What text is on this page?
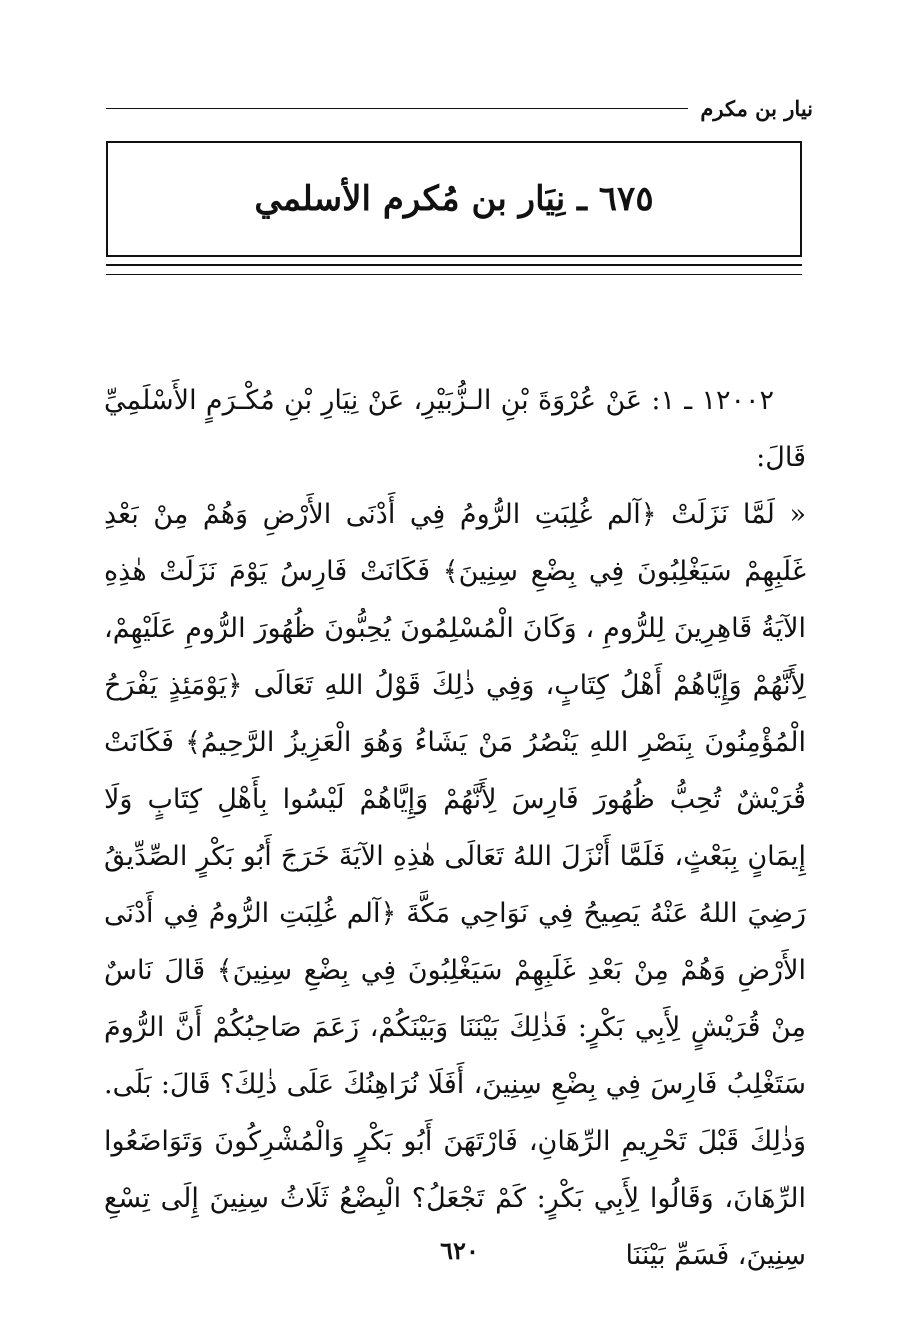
نيار بن مكرم
٦٧٥ ـ نِيَار بن مُكرم الأسلمي

١٢٠٠٢ ـ ١: عَنْ عُرْوَةَ بْنِ الـزُّبَيْرِ، عَنْ نِيَارِ بْنِ مُكْـرَمٍ الأَسْلَمِيِّ قَالَ:

« لَمَّا نَزَلَتْ ﴿آلم غُلِبَتِ الرُّومُ فِي أَدْنَى الأَرْضِ وَهُمْ مِنْ بَعْدِ غَلَبِهِمْ سَيَغْلِبُونَ فِي بِضْعِ سِنِينَ﴾ فَكَانَتْ فَارِسُ يَوْمَ نَزَلَتْ هٰذِهِ الآيَةُ قَاهِرِينَ لِلرُّومِ ، وَكَانَ الْمُسْلِمُونَ يُحِبُّونَ ظُهُورَ الرُّومِ عَلَيْهِمْ، لِأَنَّهُمْ وَإِيَّاهُمْ أَهْلُ كِتَابٍ، وَفِي ذٰلِكَ قَوْلُ اللهِ تَعَالَى ﴿يَوْمَئِذٍ يَفْرَحُ الْمُؤْمِنُونَ بِنَصْرِ اللهِ يَنْصُرُ مَنْ يَشَاءُ وَهُوَ الْعَزِيزُ الرَّحِيمُ﴾ فَكَانَتْ قُرَيْشٌ تُحِبُّ ظُهُورَ فَارِسَ لِأَنَّهُمْ وَإِيَّاهُمْ لَيْسُوا بِأَهْلِ كِتَابٍ وَلَا إِيمَانٍ بِبَعْثٍ، فَلَمَّا أَنْزَلَ اللهُ تَعَالَى هٰذِهِ الآيَةَ خَرَجَ أَبُو بَكْرٍ الصِّدِّيقُ رَضِيَ اللهُ عَنْهُ يَصِيحُ فِي نَوَاحِي مَكَّةَ ﴿آلم غُلِبَتِ الرُّومُ فِي أَدْنَى الأَرْضِ وَهُمْ مِنْ بَعْدِ غَلَبِهِمْ سَيَغْلِبُونَ فِي بِضْعِ سِنِينَ﴾ قَالَ نَاسٌ مِنْ قُرَيْشٍ لِأَبِي بَكْرٍ: فَذٰلِكَ بَيْنَنَا وَبَيْنَكُمْ، زَعَمَ صَاحِبُكُمْ أَنَّ الرُّومَ سَتَغْلِبُ فَارِسَ فِي بِضْعِ سِنِينَ، أَفَلَا نُرَاهِنُكَ عَلَى ذٰلِكَ؟ قَالَ: بَلَى. وَذٰلِكَ قَبْلَ تَحْرِيمِ الرِّهَانِ، فَارْتَهَنَ أَبُو بَكْرٍ وَالْمُشْرِكُونَ وَتَوَاضَعُوا الرِّهَانَ، وَقَالُوا لِأَبِي بَكْرٍ: كَمْ تَجْعَلُ؟ الْبِضْعُ ثَلَاثُ سِنِينَ إِلَى تِسْعِ سِنِينَ، فَسَمِّ بَيْنَنَا

٦٢٠
